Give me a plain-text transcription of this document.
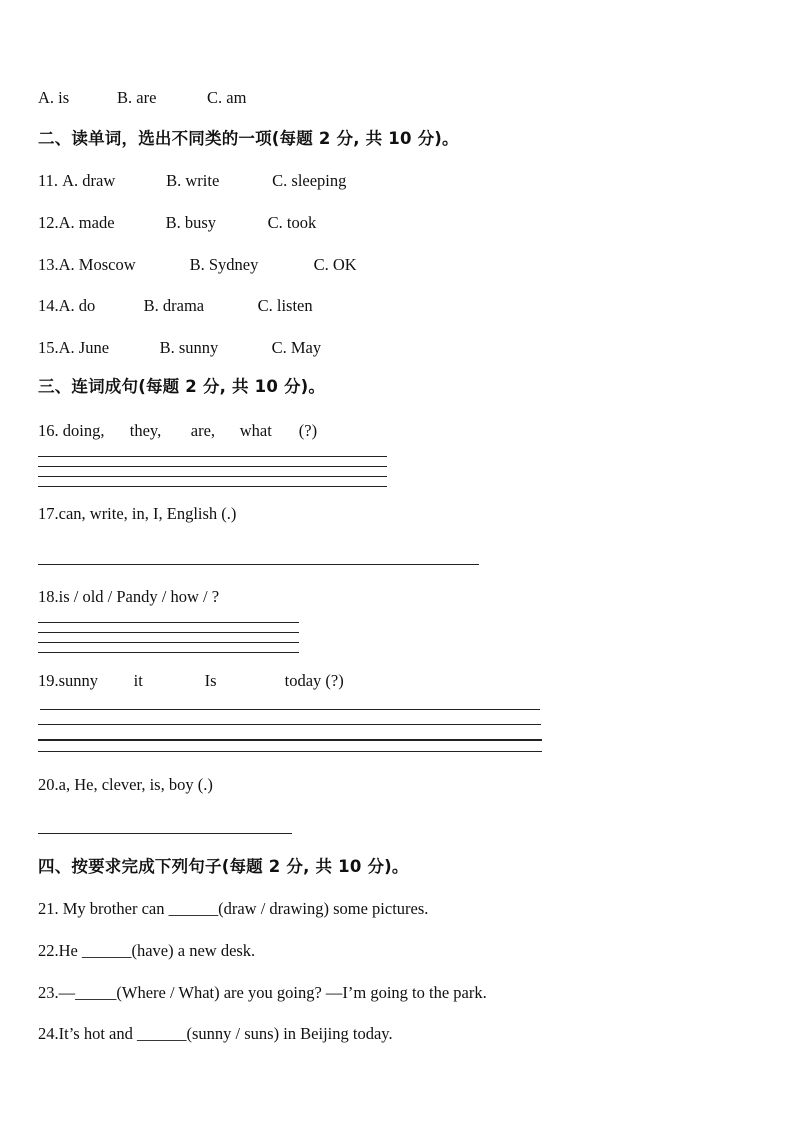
A. is	B. are	C. am
二、读单词，选出不同类的一项(每题 2 分, 共 10 分)。
11. A. draw	B. write	C. sleeping
12.A. made	B. busy	C. took
13.A. Moscow	B. Sydney	C. OK
14.A. do	B. drama	C. listen
15.A. June	B. sunny	C. May
三、连词成句(每题 2 分, 共 10 分)。
16. doing, they, are, what (?)
17.can, write, in, I, English (.)
18.is / old / Pandy / how / ?
19.sunny it	Is	today (?)
20.a, He, clever, is, boy (.)
四、按要求完成下列句子(每题 2 分, 共 10 分)。
21. My brother can ______(draw / drawing) some pictures.
22.He ______(have) a new desk.
23.—_____(Where / What) are you going? —I’m going to the park.
24.It’s hot and ______(sunny / suns) in Beijing today.
